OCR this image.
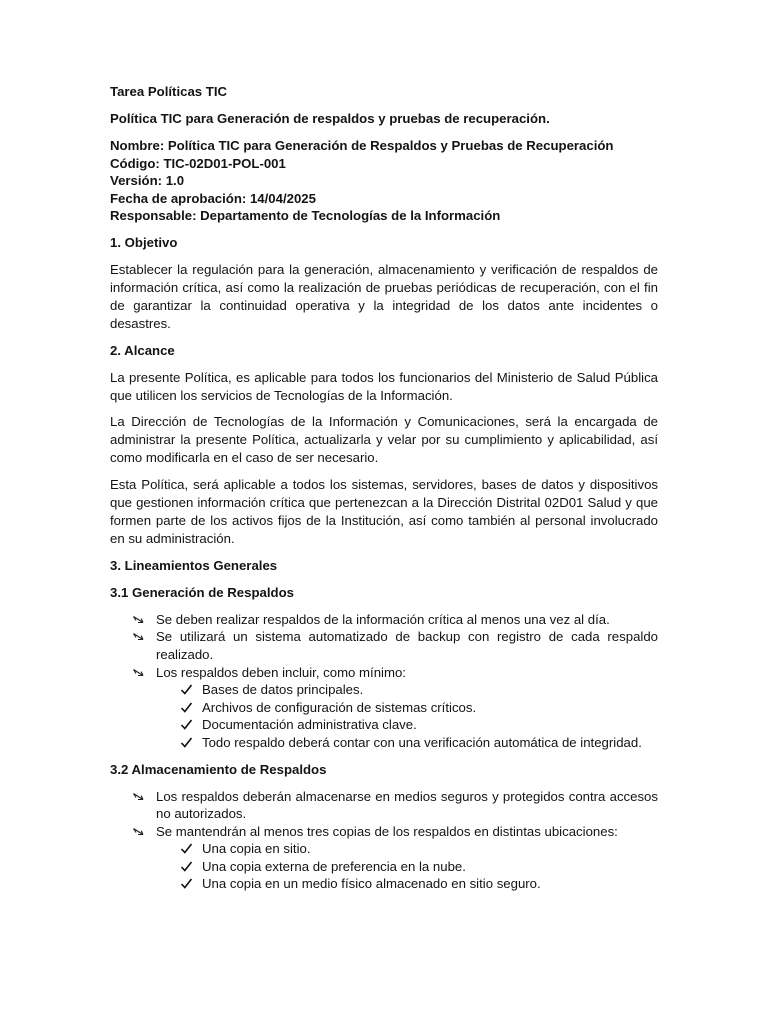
Tarea Políticas TIC

Política TIC para Generación de respaldos y pruebas de recuperación.

Nombre: Política TIC para Generación de Respaldos y Pruebas de Recuperación
Código: TIC-02D01-POL-001
Versión: 1.0
Fecha de aprobación: 14/04/2025
Responsable: Departamento de Tecnologías de la Información

1. Objetivo

Establecer la regulación para la generación, almacenamiento y verificación de respaldos de información crítica, así como la realización de pruebas periódicas de recuperación, con el fin de garantizar la continuidad operativa y la integridad de los datos ante incidentes o desastres.

2. Alcance

La presente Política, es aplicable para todos los funcionarios del Ministerio de Salud Pública que utilicen los servicios de Tecnologías de la Información.

La Dirección de Tecnologías de la Información y Comunicaciones, será la encargada de administrar la presente Política, actualizarla y velar por su cumplimiento y aplicabilidad, así como modificarla en el caso de ser necesario.

Esta Política, será aplicable a todos los sistemas, servidores, bases de datos y dispositivos que gestionen información crítica que pertenezcan a la Dirección Distrital 02D01 Salud y que formen parte de los activos fijos de la Institución, así como también al personal involucrado en su administración.

3. Lineamientos Generales

3.1 Generación de Respaldos

Se deben realizar respaldos de la información crítica al menos una vez al día.
Se utilizará un sistema automatizado de backup con registro de cada respaldo realizado.
Los respaldos deben incluir, como mínimo:
Bases de datos principales.
Archivos de configuración de sistemas críticos.
Documentación administrativa clave.
Todo respaldo deberá contar con una verificación automática de integridad.

3.2 Almacenamiento de Respaldos

Los respaldos deberán almacenarse en medios seguros y protegidos contra accesos no autorizados.
Se mantendrán al menos tres copias de los respaldos en distintas ubicaciones:
Una copia en sitio.
Una copia externa de preferencia en la nube.
Una copia en un medio físico almacenado en sitio seguro.
